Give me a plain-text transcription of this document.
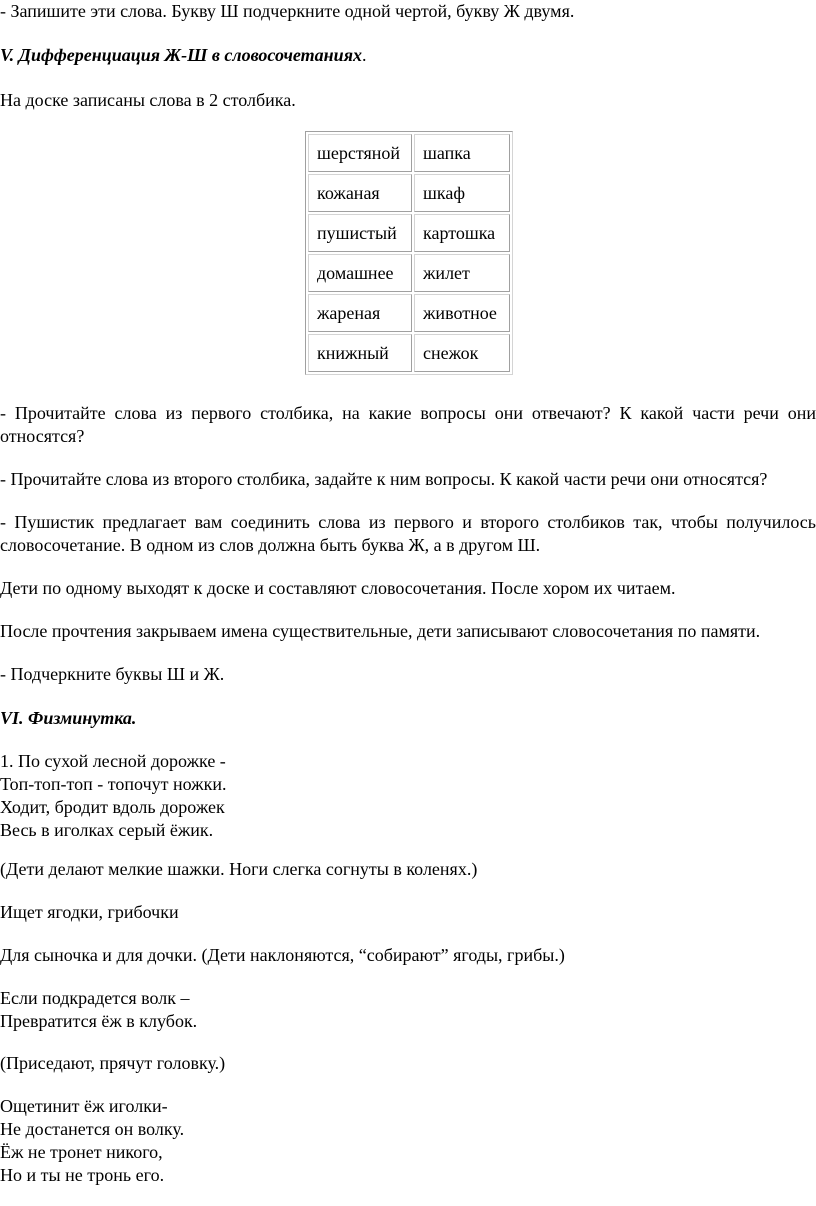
- Запишите эти слова. Букву Ш подчеркните одной чертой, букву Ж двумя.

V. Дифференциация Ж-Ш в словосочетаниях.

На доске записаны слова в 2 столбика.

шерстяной	шапка
кожаная	шкаф
пушистый	картошка
домашнее	жилет
жареная	животное
книжный	снежок

- Прочитайте слова из первого столбика, на какие вопросы они отвечают? К какой части речи они относятся?

- Прочитайте слова из второго столбика, задайте к ним вопросы. К какой части речи они относятся?

- Пушистик предлагает вам соединить слова из первого и второго столбиков так, чтобы получилось словосочетание. В одном из слов должна быть буква Ж, а в другом Ш.

Дети по одному выходят к доске и составляют словосочетания. После хором их читаем.

После прочтения закрываем имена существительные, дети записывают словосочетания по памяти.

- Подчеркните буквы Ш и Ж.

VI. Физминутка.

1. По сухой лесной дорожке -
Топ-топ-топ - топочут ножки.
Ходит, бродит вдоль дорожек
Весь в иголках серый ёжик.

(Дети делают мелкие шажки. Ноги слегка согнуты в коленях.)

Ищет ягодки, грибочки

Для сыночка и для дочки. (Дети наклоняются, “собирают” ягоды, грибы.)

Если подкрадется волк –
Превратится ёж в клубок.

(Приседают, прячут головку.)

Ощетинит ёж иголки-
Не достанется он волку.
Ёж не тронет никого,
Но и ты не тронь его.
